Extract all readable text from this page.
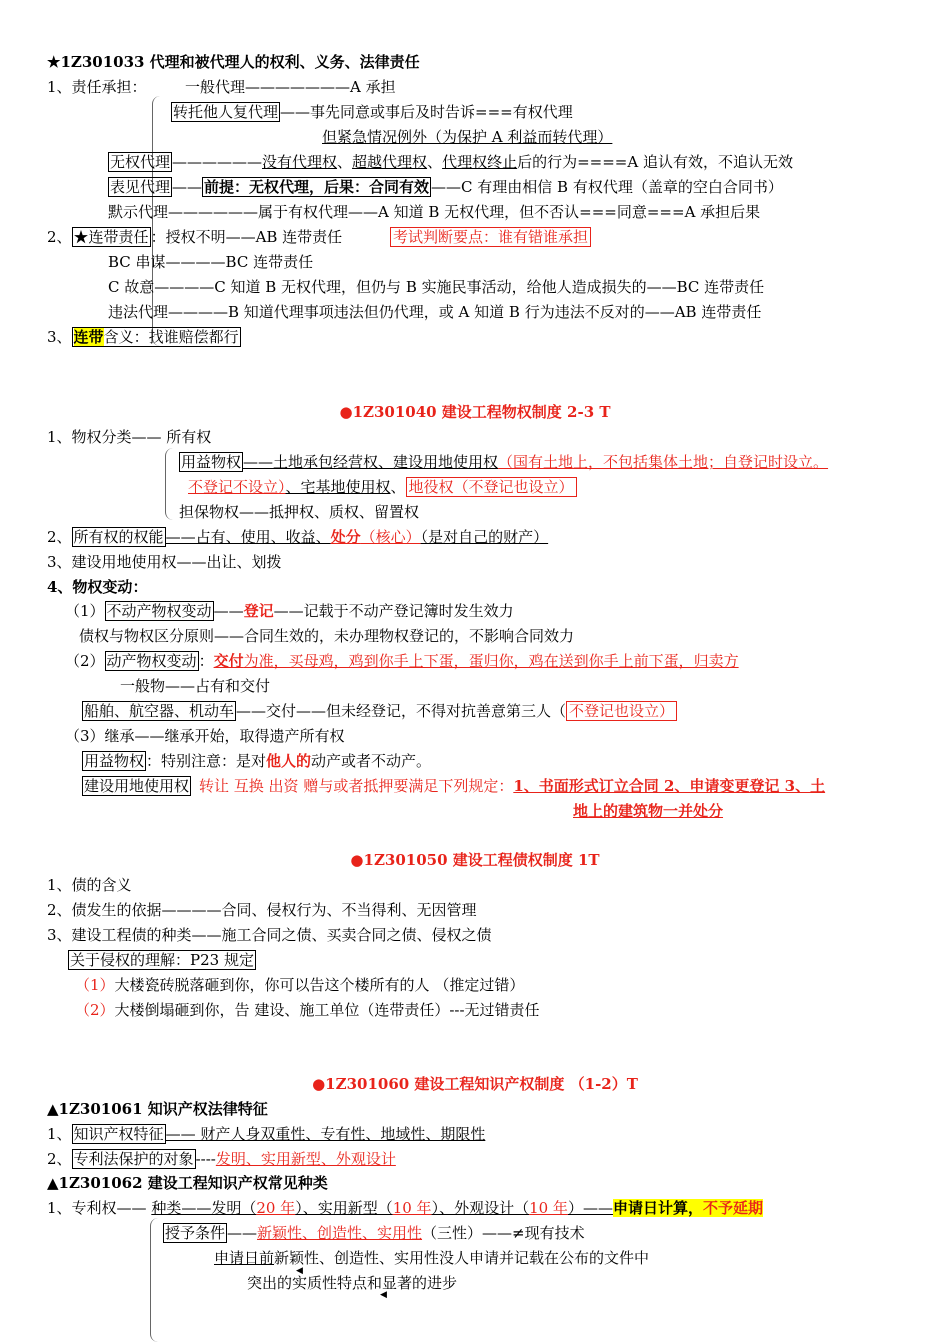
★1Z301033 代理和被代理人的权利、义务、法律责任
1、责任承担：	一般代理———————A 承担
转托他人复代理 ——事先同意或事后及时告诉===有权代理
但紧急情况例外（为保护 A 利益而转代理）
无权代理 ——————没有代理权、超越代理权、代理权终止后的行为====A 追认有效，不追认无效
表见代理 —— 前提：无权代理，后果：合同有效 ——C 有理由相信 B 有权代理（盖章的空白合同书）
默示代理——————属于有权代理——A 知道 B 无权代理，但不否认===同意===A 承担后果
2、 ★连带责任 ：授权不明——AB 连带责任	考试判断要点：谁有错谁承担
BC 串谋————BC 连带责任
C 故意————C 知道 B 无权代理，但仍与 B 实施民事活动，给他人造成损失的——BC 连带责任
违法代理————B 知道代理事项违法但仍代理，或 A 知道 B 行为违法不反对的——AB 连带责任
3、 连带含义：找谁赔偿都行
●1Z301040 建设工程物权制度 2-3 T
1、物权分类—— 所有权
用益物权 ——土地承包经营权、建设用地使用权（国有土地上，不包括集体土地；自登记时设立。
不登记不设立）、宅基地使用权、 地役权（不登记也设立）
担保物权——抵押权、质权、留置权
2、 所有权的权能 ——占有、使用、收益、处分（核心）（是对自己的财产）
3、建设用地使用权——出让、划拨
4、物权变动：
（1） 不动产物权变动 ——登记——记载于不动产登记簿时发生效力
债权与物权区分原则——合同生效的，未办理物权登记的，不影响合同效力
（2） 动产物权变动 ：交付为准，买母鸡，鸡到你手上下蛋，蛋归你，鸡在送到你手上前下蛋，归卖方
一般物——占有和交付
船舶、航空器、机动车 ——交付——但未经登记，不得对抗善意第三人（ 不登记也设立）
（3）继承——继承开始，取得遗产所有权
用益物权 ：特别注意：是对他人的动产或者不动产。
建设用地使用权 转让 互换 出资 赠与或者抵押要满足下列规定：1、书面形式订立合同 2、申请变更登记 3、土
地上的建筑物一并处分
●1Z301050 建设工程债权制度 1T
1、债的含义
2、债发生的依据————合同、侵权行为、不当得利、无因管理
3、建设工程债的种类——施工合同之债、买卖合同之债、侵权之债
关于侵权的理解：P23 规定
（1）大楼瓷砖脱落砸到你，你可以告这个楼所有的人 （推定过错）
（2）大楼倒塌砸到你，告 建设、施工单位（连带责任）---无过错责任
●1Z301060 建设工程知识产权制度 （1-2）T
▲1Z301061 知识产权法律特征
1、 知识产权特征 —— 财产人身双重性、专有性、地域性、期限性
2、 专利法保护的对象 ----发明、实用新型、外观设计
▲1Z301062 建设工程知识产权常见种类
1、专利权—— 种类——发明（20 年）、实用新型（10 年）、外观设计（10 年）——申请日计算，不予延期
授予条件 ——新颖性、创造性、实用性（三性）——≠现有技术
申请日前新颖性、创造性、实用性没人申请并记载在公布的文件中
突出的实质性特点和显著的进步
◀
◀
